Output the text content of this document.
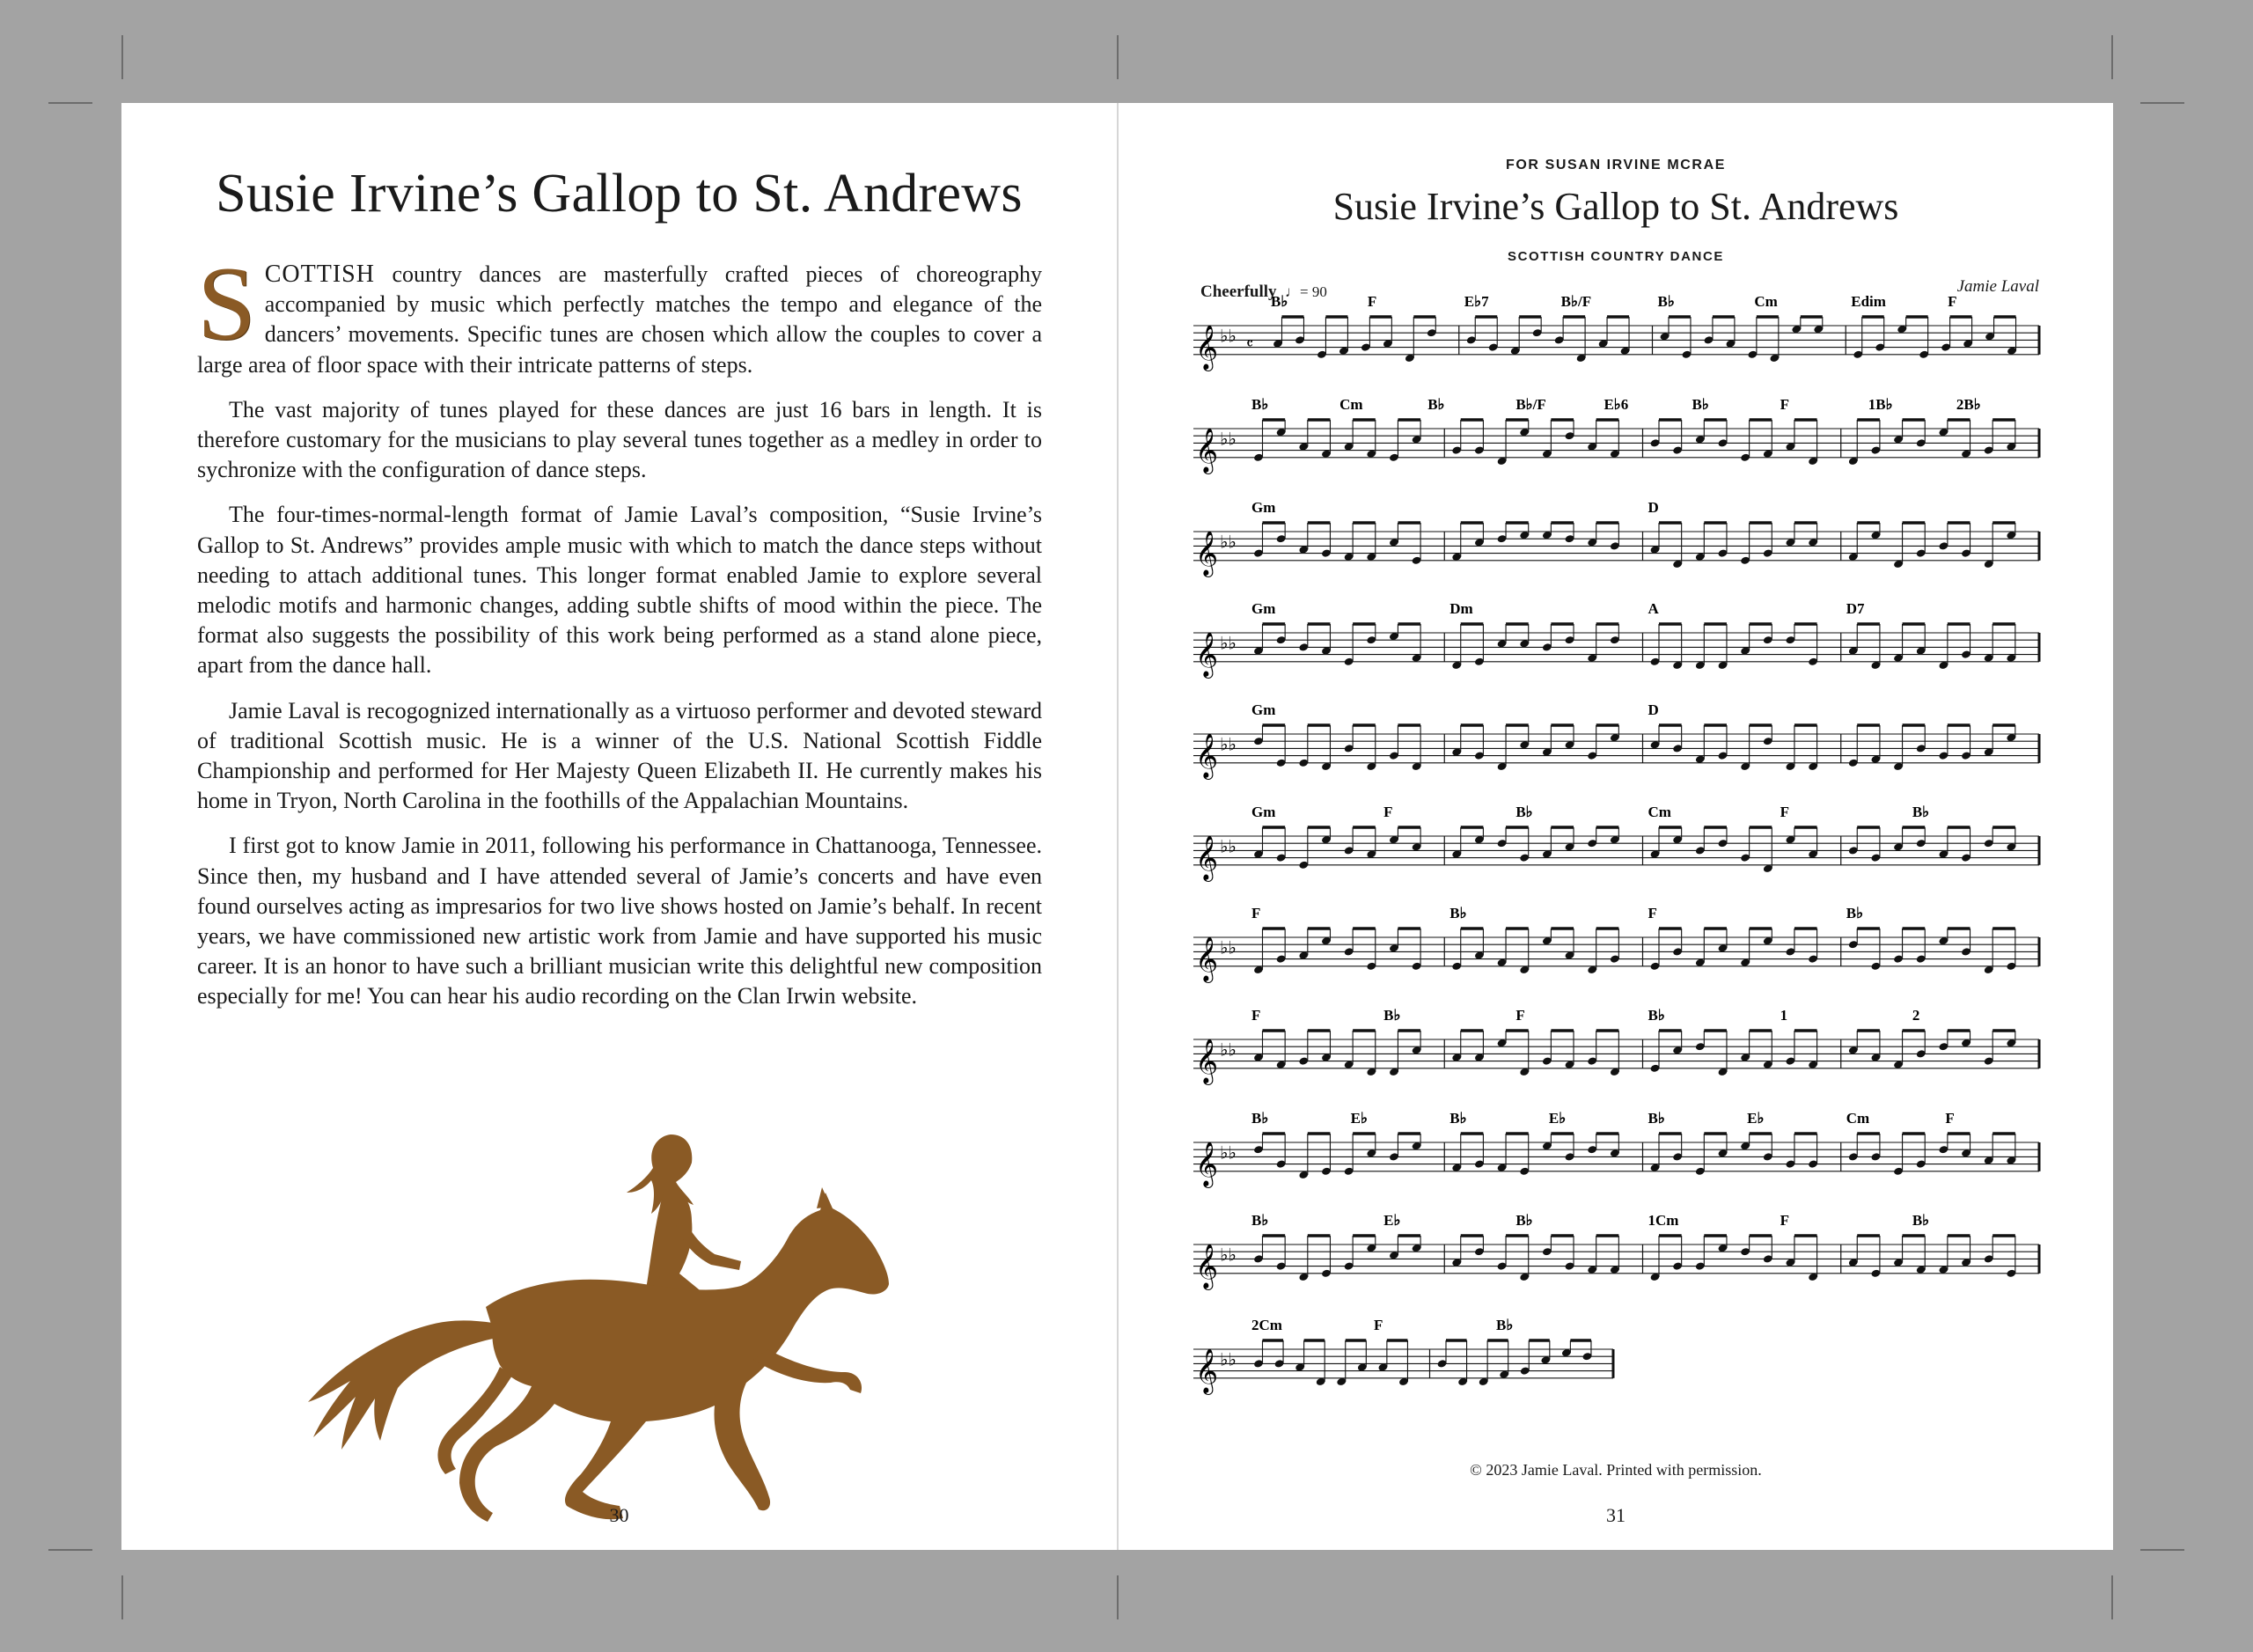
Susie Irvine’s Gallop to St. Andrews

SCOTTISH country dances are masterfully crafted pieces of choreography accompanied by music which perfectly matches the tempo and elegance of the dancers’ movements. Specific tunes are chosen which allow the couples to cover a large area of floor space with their intricate patterns of steps.

The vast majority of tunes played for these dances are just 16 bars in length. It is therefore customary for the musicians to play several tunes together as a medley in order to sychronize with the configuration of dance steps.

The four-times-normal-length format of Jamie Laval’s composition, “Susie Irvine’s Gallop to St. Andrews” provides ample music with which to match the dance steps without needing to attach additional tunes. This longer format enabled Jamie to explore several melodic motifs and harmonic changes, adding subtle shifts of mood within the piece. The format also suggests the possibility of this work being performed as a stand alone piece, apart from the dance hall.

Jamie Laval is recogognized internationally as a virtuoso performer and devoted steward of traditional Scottish music. He is a winner of the U.S. National Scottish Fiddle Championship and performed for Her Majesty Queen Elizabeth II. He currently makes his home in Tryon, North Carolina in the foothills of the Appalachian Mountains.

I first got to know Jamie in 2011, following his performance in Chattanooga, Tennessee. Since then, my husband and I have attended several of Jamie’s concerts and have even found ourselves acting as impresarios for two live shows hosted on Jamie’s behalf. In recent years, we have commissioned new artistic work from Jamie and have supported his music career. It is an honor to have such a brilliant musician write this delightful new composition especially for me! You can hear his audio recording on the Clan Irwin website.

30
FOR SUSAN IRVINE MCRAE
Susie Irvine’s Gallop to St. Andrews
SCOTTISH COUNTRY DANCE
Cheerfully ♩= 90	Jamie Laval
𝄞 ♭♭ 𝄴
B♭	F	E♭7	B♭/F	B♭	Cm	Edim	F
𝄞 ♭♭
B♭	Cm	B♭	B♭/F	E♭6	B♭	F	1B♭	2B♭
𝄞 ♭♭
Gm	D
𝄞 ♭♭
Gm	Dm	A	D7
𝄞 ♭♭
Gm	D
𝄞 ♭♭
Gm	F	B♭	Cm	F	B♭
𝄞 ♭♭
F	B♭	F	B♭
𝄞 ♭♭
F	B♭	F	B♭	1	2
𝄞 ♭♭
B♭	E♭	B♭	E♭	B♭	E♭	Cm	F
𝄞 ♭♭
B♭	E♭	B♭	1Cm	F	B♭
𝄞 ♭♭
2Cm	F	B♭
© 2023 Jamie Laval. Printed with permission.
31
